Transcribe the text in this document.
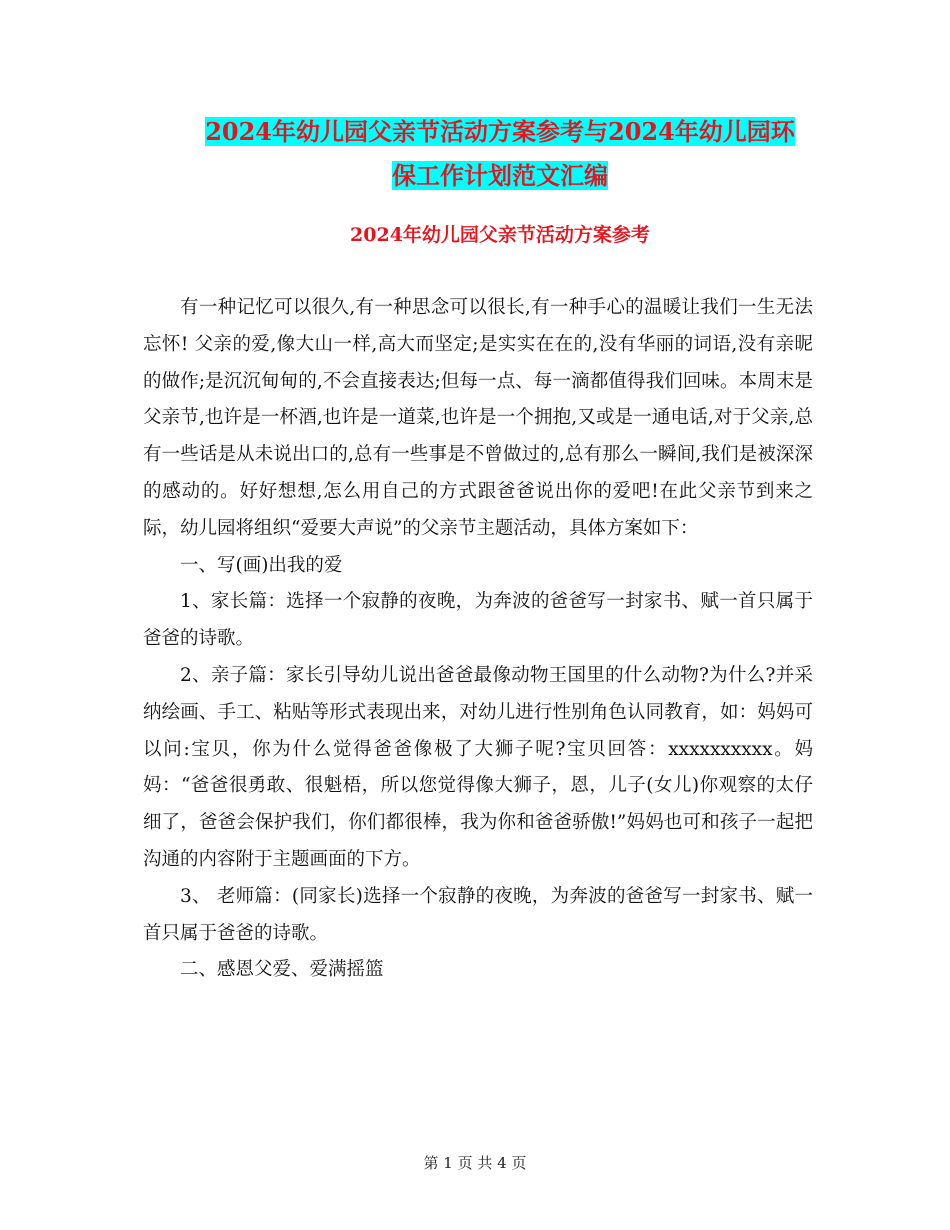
2024年幼儿园父亲节活动方案参考与2024年幼儿园环
保工作计划范文汇编
2024年幼儿园父亲节活动方案参考

有一种记忆可以很久,有一种思念可以很长,有一种手心的温暖让我们一生无法忘怀! 父亲的爱,像大山一样,高大而坚定;是实实在在的,没有华丽的词语,没有亲昵的做作;是沉沉甸甸的,不会直接表达;但每一点、每一滴都值得我们回味。本周末是父亲节,也许是一杯酒,也许是一道菜,也许是一个拥抱,又或是一通电话,对于父亲,总有一些话是从未说出口的,总有一些事是不曾做过的,总有那么一瞬间,我们是被深深的感动的。好好想想,怎么用自己的方式跟爸爸说出你的爱吧!在此父亲节到来之际，幼儿园将组织“爱要大声说”的父亲节主题活动，具体方案如下：

一、写(画)出我的爱

1、家长篇：选择一个寂静的夜晚，为奔波的爸爸写一封家书、赋一首只属于爸爸的诗歌。

2、亲子篇：家长引导幼儿说出爸爸最像动物王国里的什么动物?为什么?并采纳绘画、手工、粘贴等形式表现出来，对幼儿进行性别角色认同教育，如：妈妈可以问:宝贝，你为什么觉得爸爸像极了大狮子呢?宝贝回答：xxxxxxxxxx。妈妈：“爸爸很勇敢、很魁梧，所以您觉得像大狮子，恩，儿子(女儿)你观察的太仔细了，爸爸会保护我们，你们都很棒，我为你和爸爸骄傲!”妈妈也可和孩子一起把沟通的内容附于主题画面的下方。

3、 老师篇：(同家长)选择一个寂静的夜晚，为奔波的爸爸写一封家书、赋一首只属于爸爸的诗歌。

二、感恩父爱、爱满摇篮

第 1 页 共 4 页
